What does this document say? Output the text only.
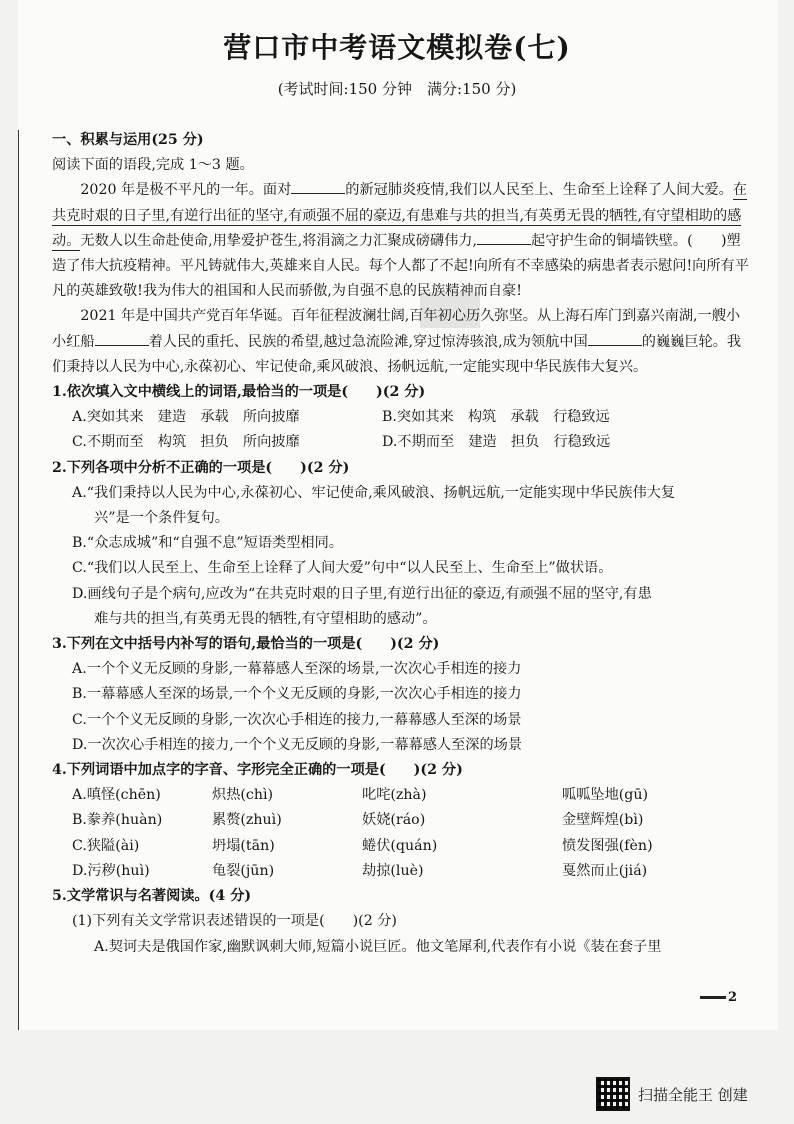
营口市中考语文模拟卷(七)
(考试时间:150 分钟　满分:150 分)

一、积累与运用(25 分)

阅读下面的语段,完成 1～3 题。

2020 年是极不平凡的一年。面对	的新冠肺炎疫情,我们以人民至上、生命至上诠释了人间大爱。在共克时艰的日子里,有逆行出征的坚守,有顽强不屈的豪迈,有患难与共的担当,有英勇无畏的牺牲,有守望相助的感动。无数人以生命赴使命,用挚爱护苍生,将涓滴之力汇聚成磅礴伟力,	起守护生命的铜墙铁壁。(　　)塑造了伟大抗疫精神。平凡铸就伟大,英雄来自人民。每个人都了不起!向所有不幸感染的病患者表示慰问!向所有平凡的英雄致敬!我为伟大的祖国和人民而骄傲,为自强不息的民族精神而自豪!

2021 年是中国共产党百年华诞。百年征程波澜壮阔,百年初心历久弥坚。从上海石库门到嘉兴南湖,一艘小小红船	着人民的重托、民族的希望,越过急流险滩,穿过惊涛骇浪,成为领航中国	的巍巍巨轮。我们秉持以人民为中心,永葆初心、牢记使命,乘风破浪、扬帆远航,一定能实现中华民族伟大复兴。

1.依次填入文中横线上的词语,最恰当的一项是( )(2 分)

A.突如其来　建造　承载　所向披靡	B.突如其来　构筑　承载　行稳致远
C.不期而至　构筑　担负　所向披靡	D.不期而至　建造　担负　行稳致远

2.下列各项中分析不正确的一项是( )(2 分)

A.“我们秉持以人民为中心,永葆初心、牢记使命,乘风破浪、扬帆远航,一定能实现中华民族伟大复

兴”是一个条件复句。

B.“众志成城”和“自强不息”短语类型相同。

C.“我们以人民至上、生命至上诠释了人间大爱”句中“以人民至上、生命至上”做状语。

D.画线句子是个病句,应改为“在共克时艰的日子里,有逆行出征的豪迈,有顽强不屈的坚守,有患

难与共的担当,有英勇无畏的牺牲,有守望相助的感动”。

3.下列在文中括号内补写的语句,最恰当的一项是( )(2 分)

A.一个个义无反顾的身影,一幕幕感人至深的场景,一次次心手相连的接力

B.一幕幕感人至深的场景,一个个义无反顾的身影,一次次心手相连的接力

C.一个个义无反顾的身影,一次次心手相连的接力,一幕幕感人至深的场景

D.一次次心手相连的接力,一个个义无反顾的身影,一幕幕感人至深的场景

4.下列词语中加点字的字音、字形完全正确的一项是( )(2 分)

A.嗔怪(chēn)	炽热(chì)	叱咤(zhà)	呱呱坠地(gū)
B.豢养(huàn)	累赘(zhuì)	妖娆(ráo)	金壁辉煌(bì)
C.狭隘(ài)	坍塌(tān)	蜷伏(quán)	愤发图强(fèn)
D.污秽(huì)	龟裂(jūn)	劫掠(luè)	戛然而止(jiá)

5.文学常识与名著阅读。(4 分)

(1)下列有关文学常识表述错误的一项是( )(2 分)

A.契诃夫是俄国作家,幽默讽刺大师,短篇小说巨匠。他文笔犀利,代表作有小说《装在套子里

2
扫描全能王 创建
